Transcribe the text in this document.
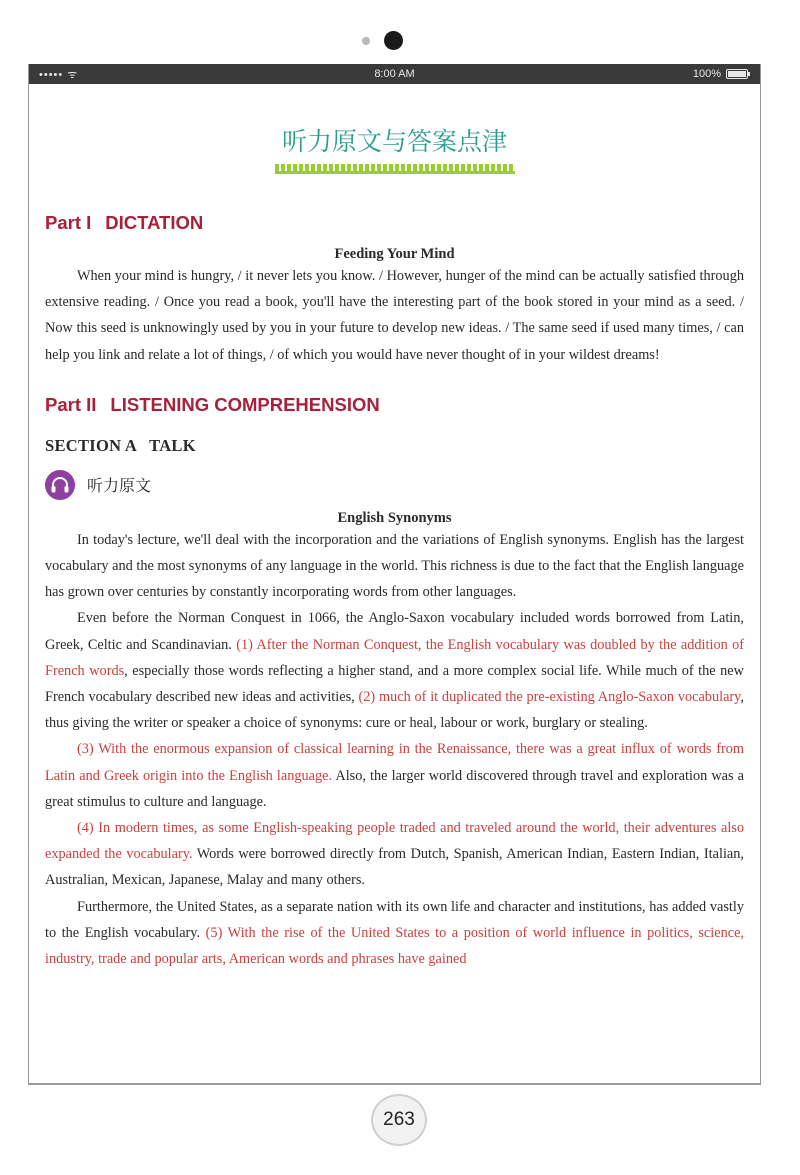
••••• ᯤ	8:00 AM	100%
听力原文与答案点津
Part I DICTATION
Feeding Your Mind

When your mind is hungry, / it never lets you know. / However, hunger of the mind can be actually satisfied through extensive reading. / Once you read a book, you'll have the interesting part of the book stored in your mind as a seed. / Now this seed is unknowingly used by you in your future to develop new ideas. / The same seed if used many times, / can help you link and relate a lot of things, / of which you would have never thought of in your wildest dreams!

Part II LISTENING COMPREHENSION
SECTION A TALK
听力原文
English Synonyms

In today's lecture, we'll deal with the incorporation and the variations of English synonyms. English has the largest vocabulary and the most synonyms of any language in the world. This richness is due to the fact that the English language has grown over centuries by constantly incorporating words from other languages.

Even before the Norman Conquest in 1066, the Anglo-Saxon vocabulary included words borrowed from Latin, Greek, Celtic and Scandinavian. (1) After the Norman Conquest, the English vocabulary was doubled by the addition of French words, especially those words reflecting a higher stand, and a more complex social life. While much of the new French vocabulary described new ideas and activities, (2) much of it duplicated the pre-existing Anglo-Saxon vocabulary, thus giving the writer or speaker a choice of synonyms: cure or heal, labour or work, burglary or stealing.

(3) With the enormous expansion of classical learning in the Renaissance, there was a great influx of words from Latin and Greek origin into the English language. Also, the larger world discovered through travel and exploration was a great stimulus to culture and language.

(4) In modern times, as some English-speaking people traded and traveled around the world, their adventures also expanded the vocabulary. Words were borrowed directly from Dutch, Spanish, American Indian, Eastern Indian, Italian, Australian, Mexican, Japanese, Malay and many others.

Furthermore, the United States, as a separate nation with its own life and character and institutions, has added vastly to the English vocabulary. (5) With the rise of the United States to a position of world influence in politics, science, industry, trade and popular arts, American words and phrases have gained

263
